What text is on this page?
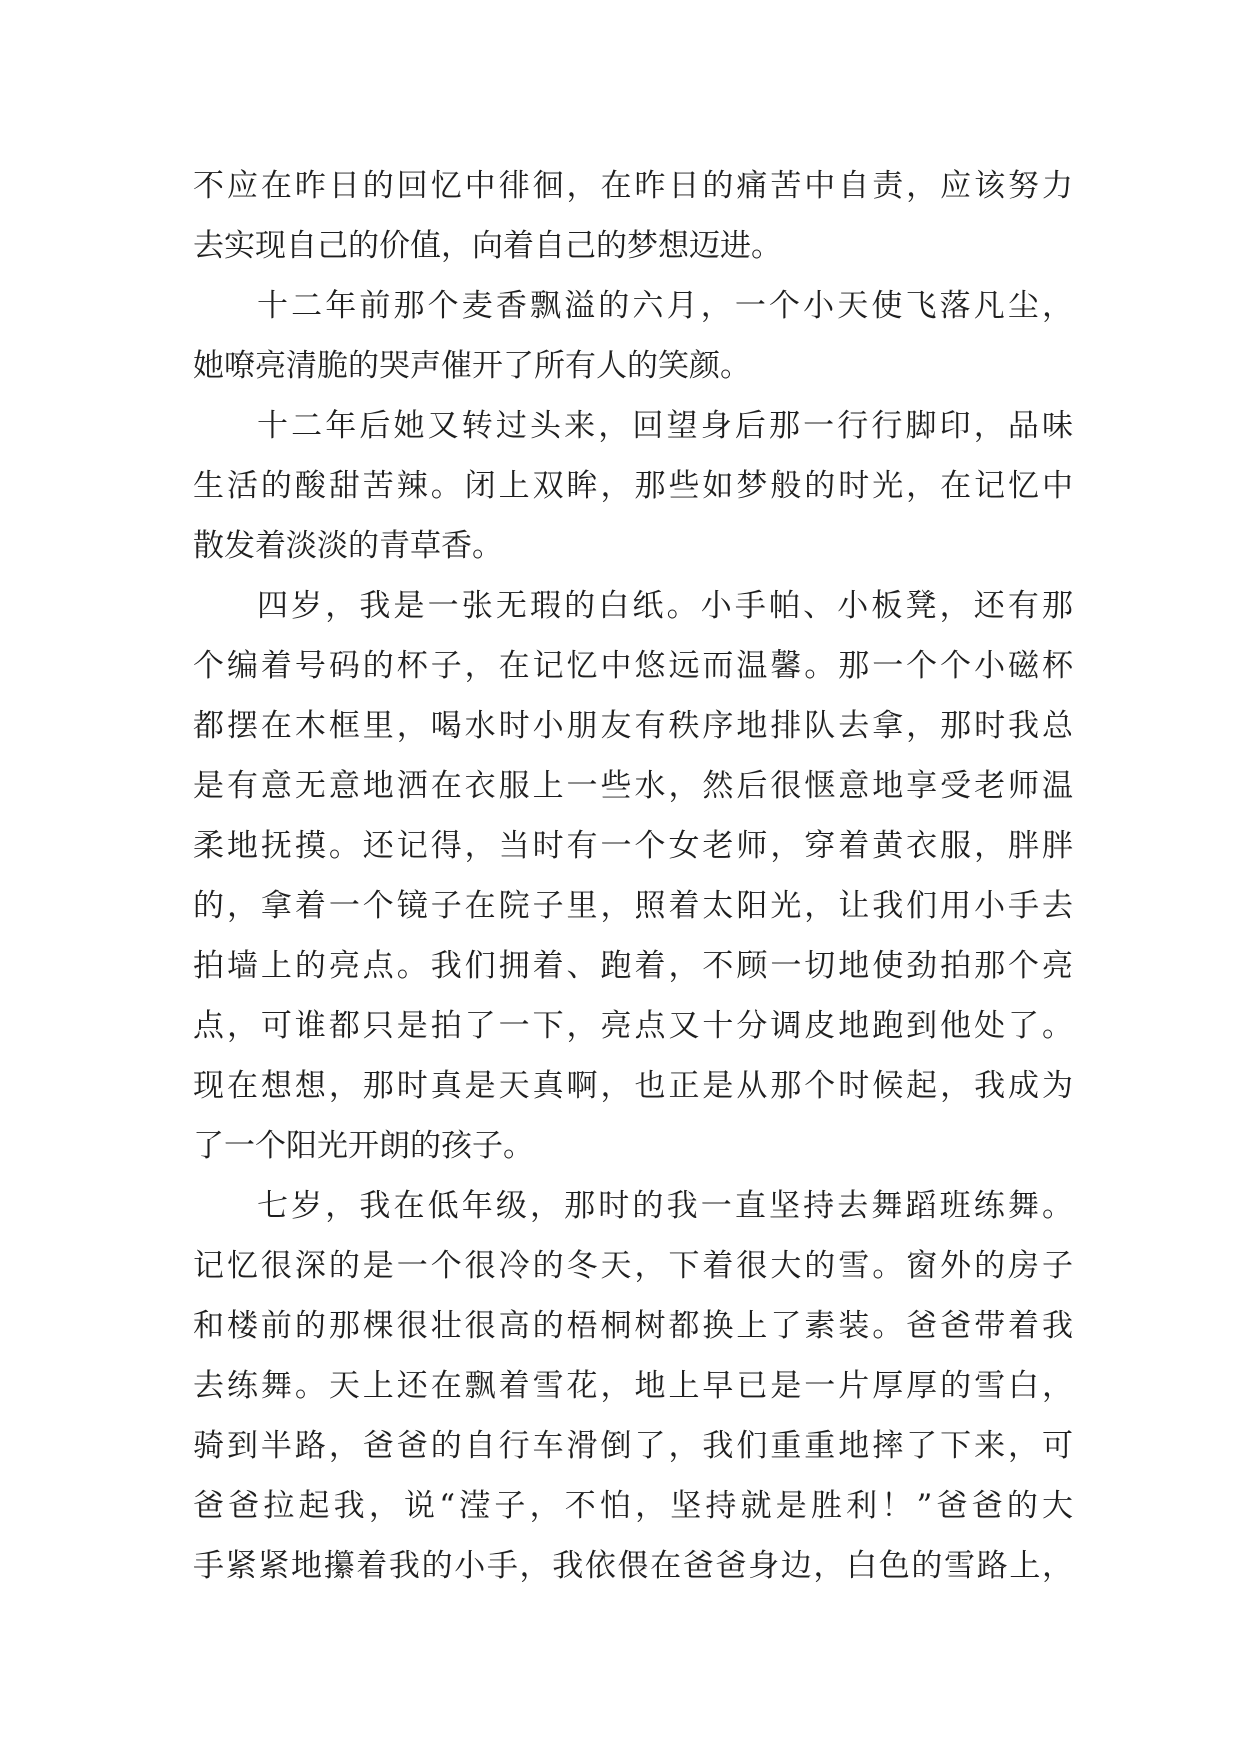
不应在昨日的回忆中徘徊，在昨日的痛苦中自责，应该努力
去实现自己的价值，向着自己的梦想迈进。
十二年前那个麦香飘溢的六月，一个小天使飞落凡尘，
她嘹亮清脆的哭声催开了所有人的笑颜。
十二年后她又转过头来，回望身后那一行行脚印，品味
生活的酸甜苦辣。闭上双眸，那些如梦般的时光，在记忆中
散发着淡淡的青草香。
四岁，我是一张无瑕的白纸。小手帕、小板凳，还有那
个编着号码的杯子，在记忆中悠远而温馨。那一个个小磁杯
都摆在木框里，喝水时小朋友有秩序地排队去拿，那时我总
是有意无意地洒在衣服上一些水，然后很惬意地享受老师温
柔地抚摸。还记得，当时有一个女老师，穿着黄衣服，胖胖
的，拿着一个镜子在院子里，照着太阳光，让我们用小手去
拍墙上的亮点。我们拥着、跑着，不顾一切地使劲拍那个亮
点，可谁都只是拍了一下，亮点又十分调皮地跑到他处了。
现在想想，那时真是天真啊，也正是从那个时候起，我成为
了一个阳光开朗的孩子。
七岁，我在低年级，那时的我一直坚持去舞蹈班练舞。
记忆很深的是一个很冷的冬天，下着很大的雪。窗外的房子
和楼前的那棵很壮很高的梧桐树都换上了素装。爸爸带着我
去练舞。天上还在飘着雪花，地上早已是一片厚厚的雪白，
骑到半路，爸爸的自行车滑倒了，我们重重地摔了下来，可
爸爸拉起我，说“滢子，不怕，坚持就是胜利！”爸爸的大
手紧紧地攥着我的小手，我依偎在爸爸身边，白色的雪路上，
